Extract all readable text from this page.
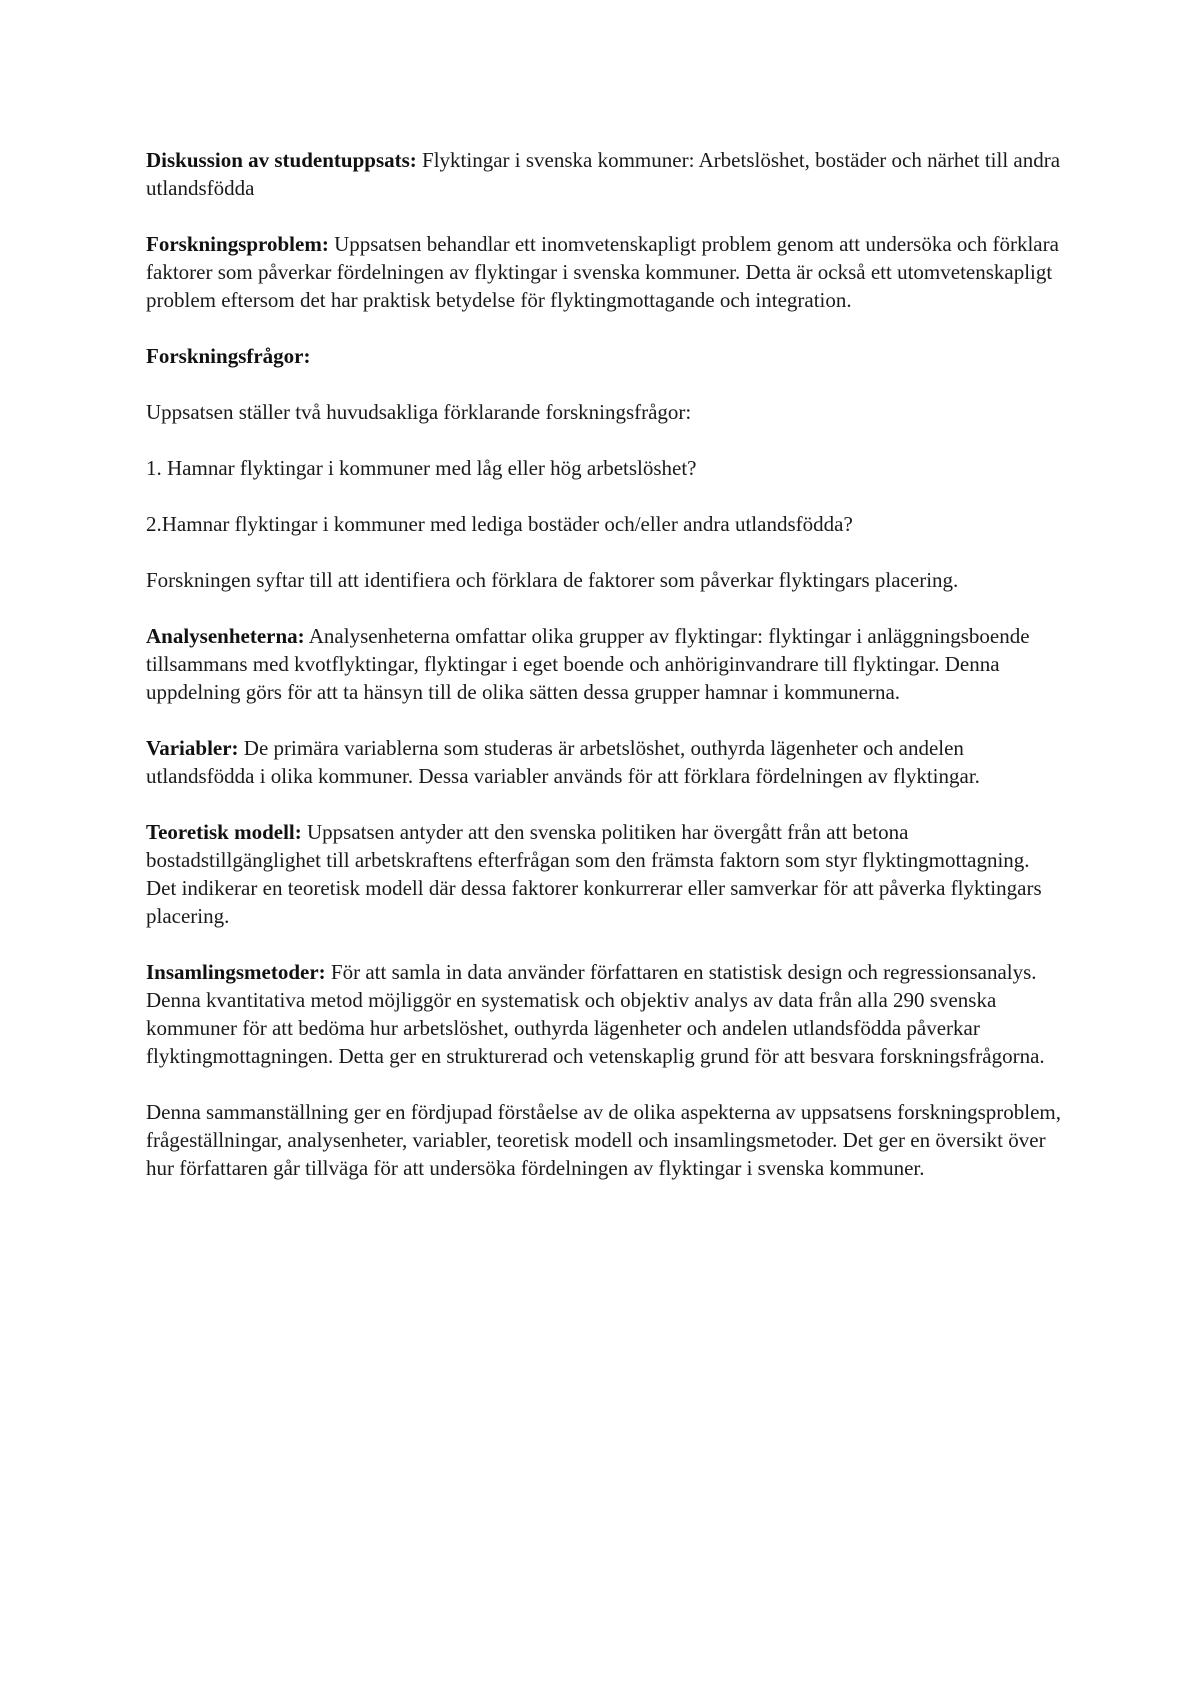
Diskussion av studentuppsats: Flyktingar i svenska kommuner: Arbetslöshet, bostäder och närhet till andra utlandsfödda

Forskningsproblem: Uppsatsen behandlar ett inomvetenskapligt problem genom att undersöka och förklara faktorer som påverkar fördelningen av flyktingar i svenska kommuner. Detta är också ett utomvetenskapligt problem eftersom det har praktisk betydelse för flyktingmottagande och integration.

Forskningsfrågor:

Uppsatsen ställer två huvudsakliga förklarande forskningsfrågor:

1. Hamnar flyktingar i kommuner med låg eller hög arbetslöshet?

2.Hamnar flyktingar i kommuner med lediga bostäder och/eller andra utlandsfödda?

Forskningen syftar till att identifiera och förklara de faktorer som påverkar flyktingars placering.

Analysenheterna: Analysenheterna omfattar olika grupper av flyktingar: flyktingar i anläggningsboende tillsammans med kvotflyktingar, flyktingar i eget boende och anhöriginvandrare till flyktingar. Denna uppdelning görs för att ta hänsyn till de olika sätten dessa grupper hamnar i kommunerna.

Variabler: De primära variablerna som studeras är arbetslöshet, outhyrda lägenheter och andelen utlandsfödda i olika kommuner. Dessa variabler används för att förklara fördelningen av flyktingar.

Teoretisk modell: Uppsatsen antyder att den svenska politiken har övergått från att betona bostadstillgänglighet till arbetskraftens efterfrågan som den främsta faktorn som styr flyktingmottagning. Det indikerar en teoretisk modell där dessa faktorer konkurrerar eller samverkar för att påverka flyktingars placering.

Insamlingsmetoder: För att samla in data använder författaren en statistisk design och regressionsanalys. Denna kvantitativa metod möjliggör en systematisk och objektiv analys av data från alla 290 svenska kommuner för att bedöma hur arbetslöshet, outhyrda lägenheter och andelen utlandsfödda påverkar flyktingmottagningen. Detta ger en strukturerad och vetenskaplig grund för att besvara forskningsfrågorna.

Denna sammanställning ger en fördjupad förståelse av de olika aspekterna av uppsatsens forskningsproblem, frågeställningar, analysenheter, variabler, teoretisk modell och insamlingsmetoder. Det ger en översikt över hur författaren går tillväga för att undersöka fördelningen av flyktingar i svenska kommuner.
